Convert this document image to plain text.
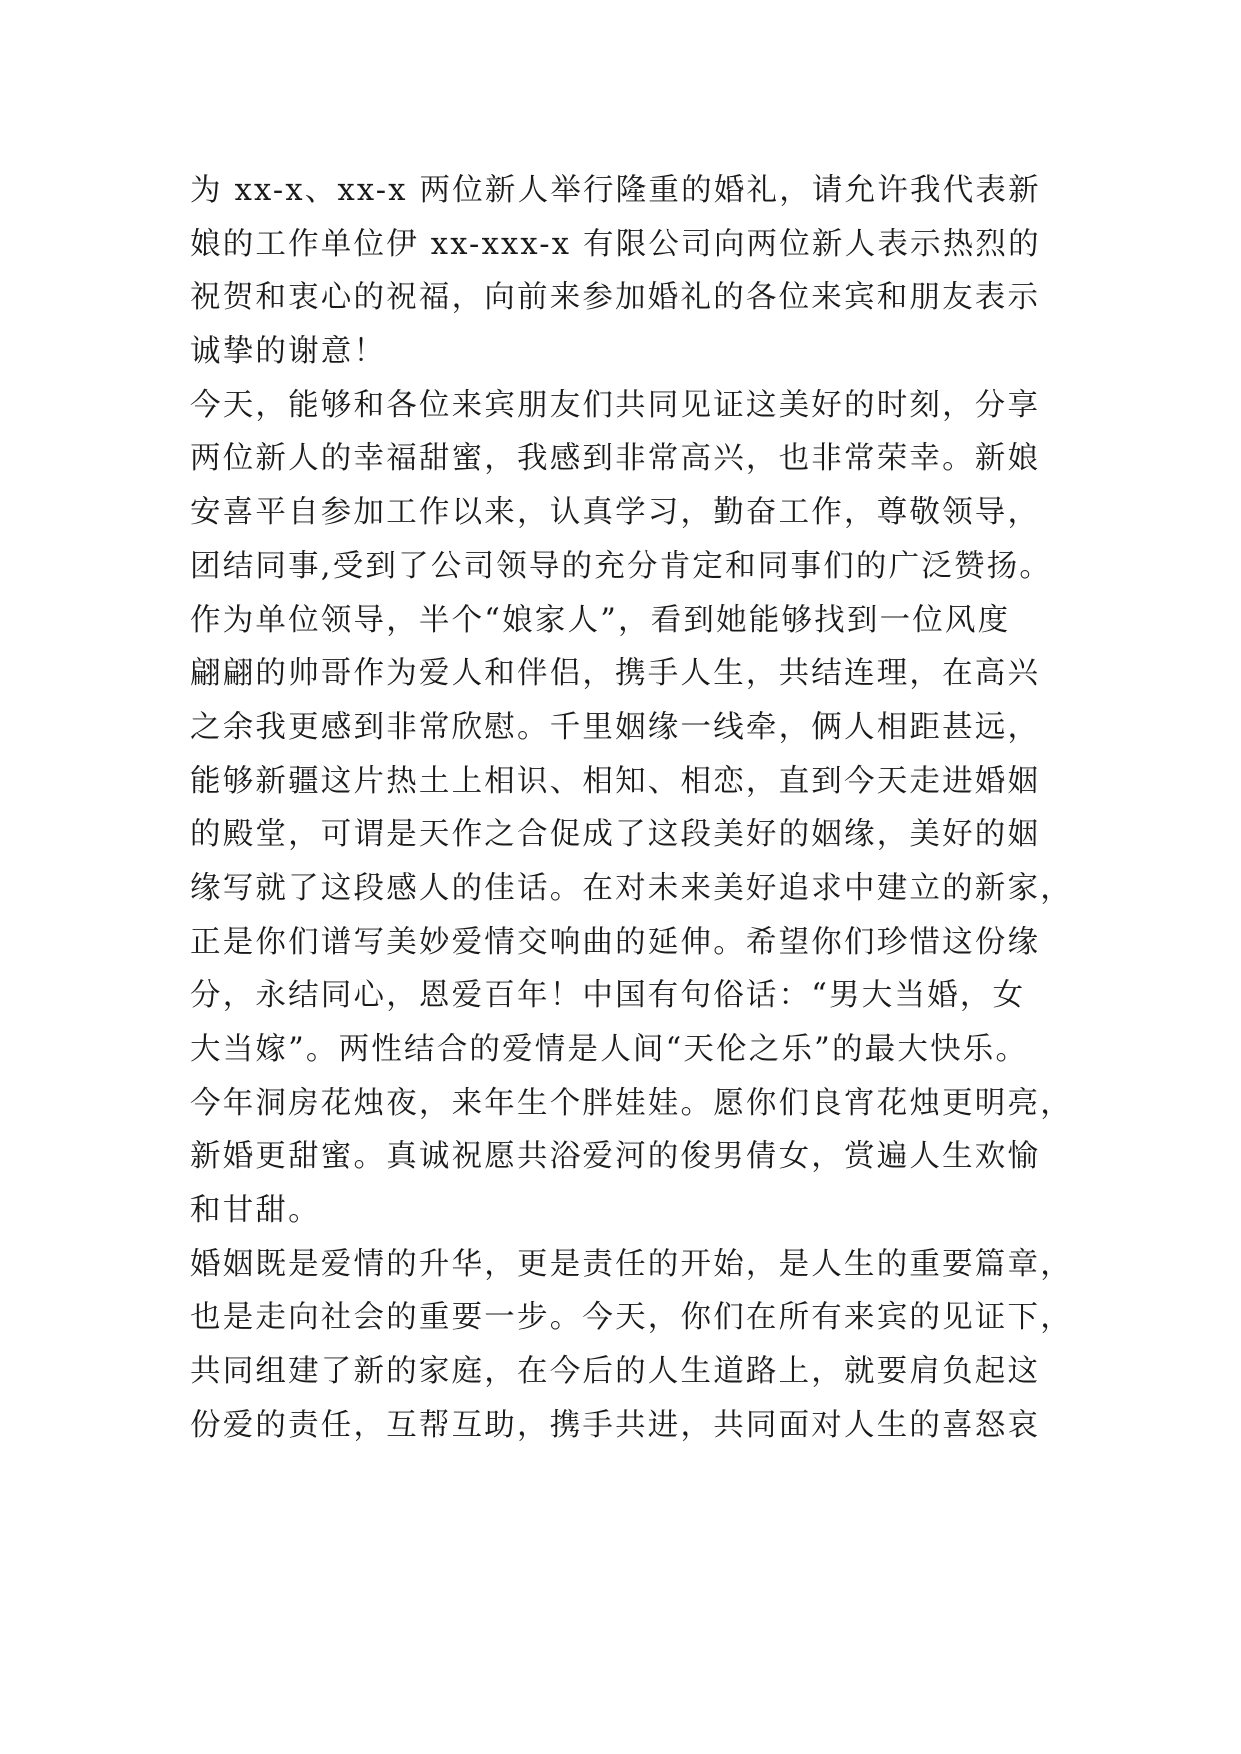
为 xx-x、xx-x 两位新人举行隆重的婚礼，请允许我代表新
娘的工作单位伊 xx-xxx-x 有限公司向两位新人表示热烈的
祝贺和衷心的祝福，向前来参加婚礼的各位来宾和朋友表示
诚挚的谢意！
今天，能够和各位来宾朋友们共同见证这美好的时刻，分享
两位新人的幸福甜蜜，我感到非常高兴，也非常荣幸。新娘
安喜平自参加工作以来，认真学习，勤奋工作，尊敬领导，
团结同事,受到了公司领导的充分肯定和同事们的广泛赞扬。
作为单位领导，半个“娘家人”，看到她能够找到一位风度
翩翩的帅哥作为爱人和伴侣，携手人生，共结连理，在高兴
之余我更感到非常欣慰。千里姻缘一线牵，俩人相距甚远，
能够新疆这片热土上相识、相知、相恋，直到今天走进婚姻
的殿堂，可谓是天作之合促成了这段美好的姻缘，美好的姻
缘写就了这段感人的佳话。在对未来美好追求中建立的新家，
正是你们谱写美妙爱情交响曲的延伸。希望你们珍惜这份缘
分，永结同心，恩爱百年！中国有句俗话：“男大当婚，女
大当嫁”。两性结合的爱情是人间“天伦之乐”的最大快乐。
今年洞房花烛夜，来年生个胖娃娃。愿你们良宵花烛更明亮，
新婚更甜蜜。真诚祝愿共浴爱河的俊男倩女，赏遍人生欢愉
和甘甜。
婚姻既是爱情的升华，更是责任的开始，是人生的重要篇章，
也是走向社会的重要一步。今天，你们在所有来宾的见证下，
共同组建了新的家庭，在今后的人生道路上，就要肩负起这
份爱的责任，互帮互助，携手共进，共同面对人生的喜怒哀
